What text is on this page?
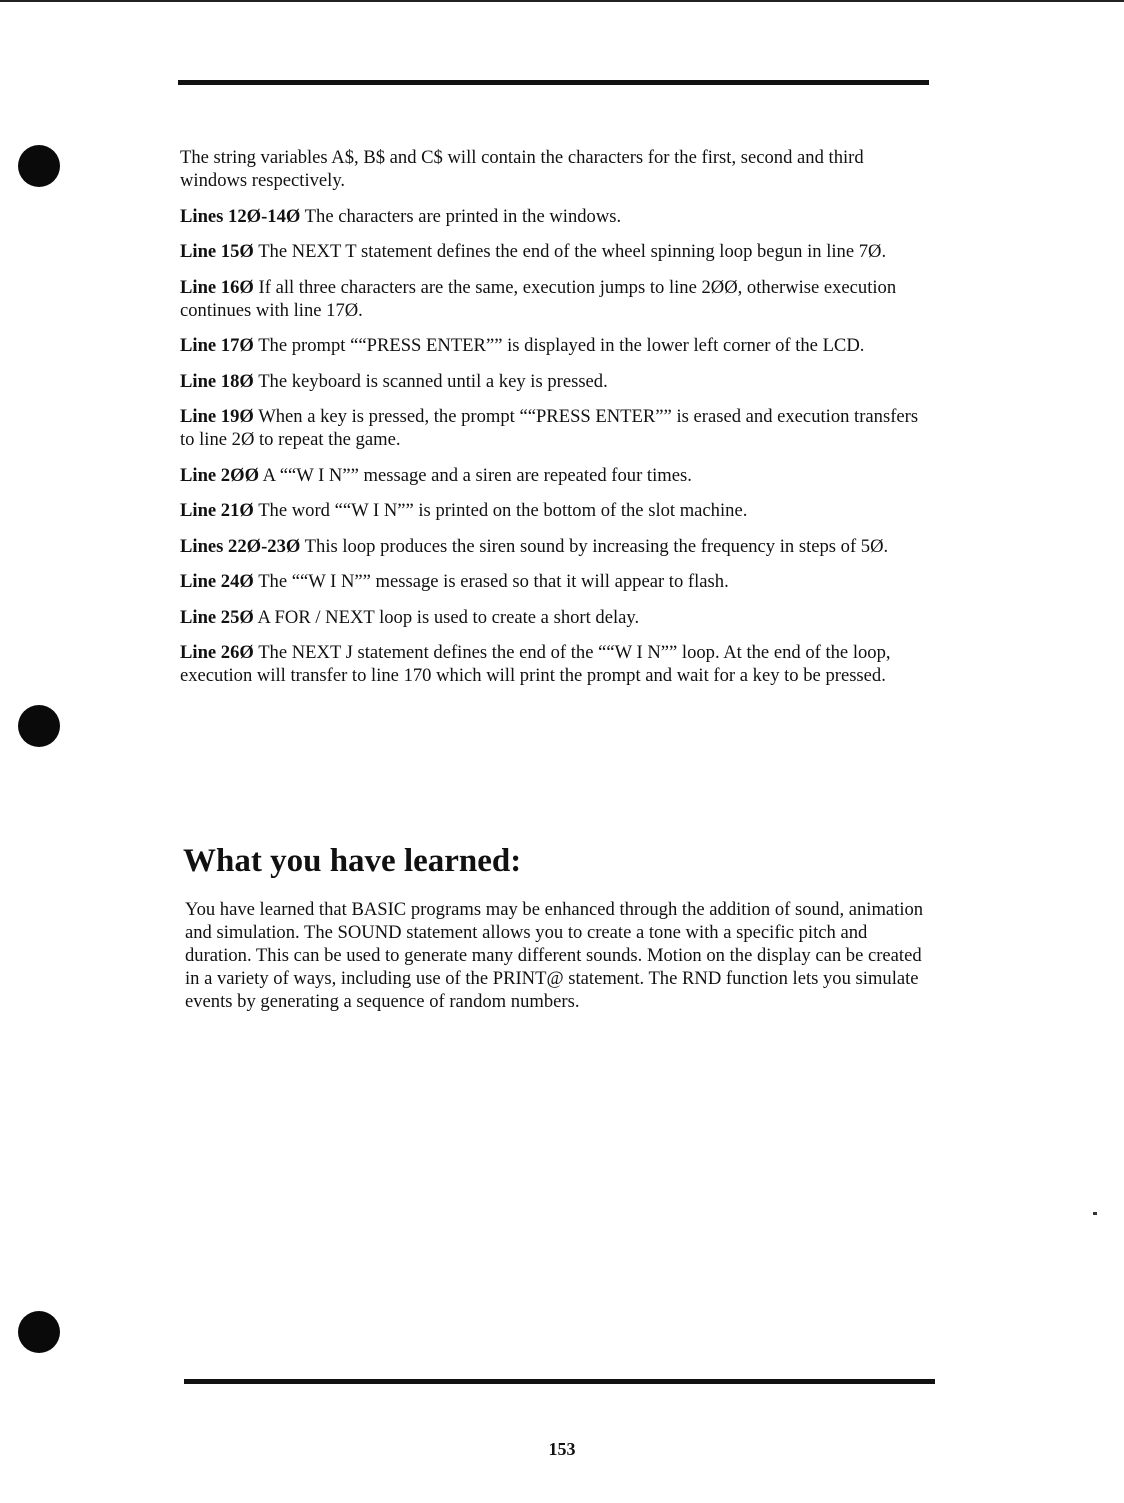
The string variables A$, B$ and C$ will contain the characters for the first, second and third windows respectively.

Lines 12Ø-14Ø The characters are printed in the windows.

Line 15Ø The NEXT T statement defines the end of the wheel spinning loop begun in line 7Ø.

Line 16Ø If all three characters are the same, execution jumps to line 2ØØ, otherwise execution continues with line 17Ø.

Line 17Ø The prompt ““PRESS ENTER”” is displayed in the lower left corner of the LCD.

Line 18Ø The keyboard is scanned until a key is pressed.

Line 19Ø When a key is pressed, the prompt ““PRESS ENTER”” is erased and execution transfers to line 2Ø to repeat the game.

Line 2ØØ A ““W I N”” message and a siren are repeated four times.

Line 21Ø The word ““W I N”” is printed on the bottom of the slot machine.

Lines 22Ø-23Ø This loop produces the siren sound by increasing the frequency in steps of 5Ø.

Line 24Ø The ““W I N”” message is erased so that it will appear to flash.

Line 25Ø A FOR / NEXT loop is used to create a short delay.

Line 26Ø The NEXT J statement defines the end of the ““W I N”” loop. At the end of the loop, execution will transfer to line 170 which will print the prompt and wait for a key to be pressed.

What you have learned:

You have learned that BASIC programs may be enhanced through the addition of sound, animation and simulation. The SOUND statement allows you to create a tone with a specific pitch and duration. This can be used to generate many different sounds. Motion on the display can be created in a variety of ways, including use of the PRINT@ statement. The RND function lets you simulate events by generating a sequence of random numbers.

153
